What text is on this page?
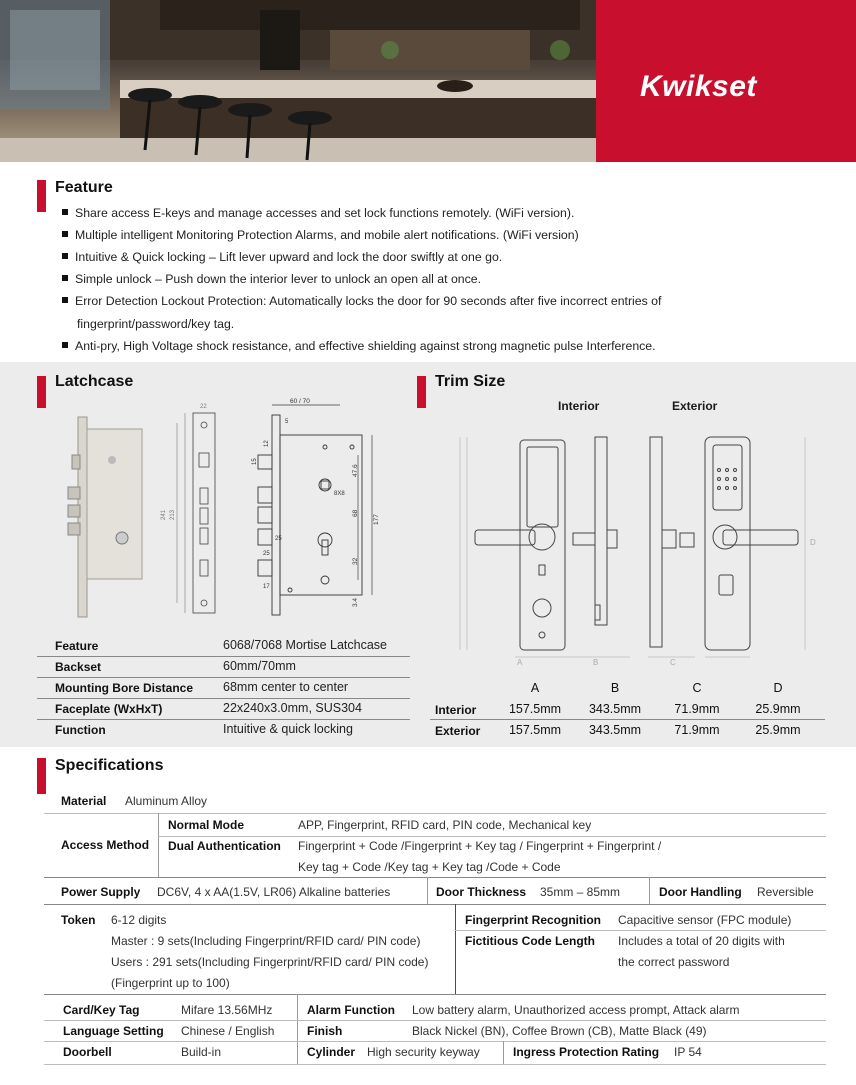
Kwikset
Feature
Share access E-keys and manage accesses and set lock functions remotely. (WiFi version).
Multiple intelligent Monitoring Protection Alarms, and mobile alert notifications. (WiFi version)
Intuitive & Quick locking – Lift lever upward and lock the door swiftly at one go.
Simple unlock – Push down the interior lever to unlock an open all at once.
Error Detection Lockout Protection: Automatically locks the door for 90 seconds after five incorrect entries of
fingerprint/password/key tag.
Anti-pry, High Voltage shock resistance, and effective shielding against strong magnetic pulse Interference.
Latchcase
241 213
22
60 / 70
5
12
15
47.6
8X8
68
32
3.4
177
25
17
25
Feature	6068/7068 Mortise Latchcase
Backset	60mm/70mm
Mounting Bore Distance 68mm center to center
Faceplate (WxHxT)	22x240x3.0mm, SUS304
Function	Intuitive & quick locking
Trim Size
Interior	Exterior
A	B	C
D
A	B	C	D
Interior	157.5mm	343.5mm	71.9mm	25.9mm
Exterior	157.5mm	343.5mm	71.9mm	25.9mm
Specifications
Material Aluminum Alloy
Access Method
Normal Mode	APP, Fingerprint, RFID card, PIN code, Mechanical key
Dual Authentication Fingerprint + Code /Fingerprint + Key tag / Fingerprint + Fingerprint /
Key tag + Code /Key tag + Key tag /Code + Code
Power Supply DC6V, 4 x AA(1.5V, LR06) Alkaline batteries	Door Thickness 35mm – 85mm	Door Handling Reversible
Token 6-12 digits
Master : 9 sets(Including Fingerprint/RFID card/ PIN code)
Users : 291 sets(Including Fingerprint/RFID card/ PIN code)
(Fingerprint up to 100)
Fingerprint Recognition Capacitive sensor (FPC module)
Fictitious Code Length Includes a total of 20 digits with
the correct password
Card/Key Tag	Mifare 13.56MHz	Alarm Function Low battery alarm, Unauthorized access prompt, Attack alarm
Language Setting Chinese / English	Finish	Black Nickel (BN), Coffee Brown (CB), Matte Black (49)
Doorbell	Build-in	Cylinder High security keyway	Ingress Protection Rating IP 54
